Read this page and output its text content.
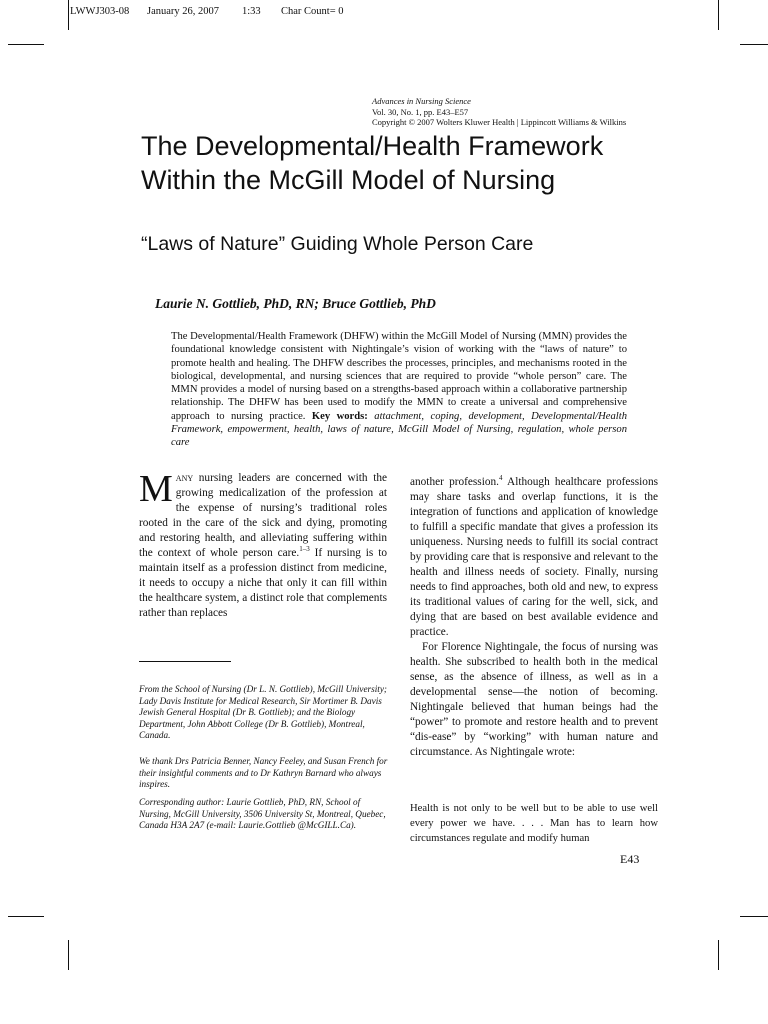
LWWJ303-08 January 26, 2007 1:33 Char Count= 0
Advances in Nursing Science
Vol. 30, No. 1, pp. E43–E57
Copyright © 2007 Wolters Kluwer Health | Lippincott Williams & Wilkins
The Developmental/Health Framework Within the McGill Model of Nursing
“Laws of Nature” Guiding Whole Person Care
Laurie N. Gottlieb, PhD, RN; Bruce Gottlieb, PhD
The Developmental/Health Framework (DHFW) within the McGill Model of Nursing (MMN) provides the foundational knowledge consistent with Nightingale’s vision of working with the “laws of nature” to promote health and healing. The DHFW describes the processes, principles, and mechanisms rooted in the biological, developmental, and nursing sciences that are required to provide “whole person” care. The MMN provides a model of nursing based on a strengths-based approach within a collaborative partnership relationship. The DHFW has been used to modify the MMN to create a universal and comprehensive approach to nursing practice. Key words: attachment, coping, development, Developmental/Health Framework, empowerment, health, laws of nature, McGill Model of Nursing, regulation, whole person care

Many nursing leaders are concerned with the growing medicalization of the profession at the expense of nursing’s traditional roles rooted in the care of the sick and dying, promoting and restoring health, and alleviating suffering within the context of whole person care.$^{1-3}$ If nursing is to maintain itself as a profession distinct from medicine, it needs to occupy a niche that only it can fill within the healthcare system, a distinct role that complements rather than replaces

another profession.$^4$ Although healthcare professions may share tasks and overlap functions, it is the integration of functions and application of knowledge to fulfill a specific mandate that gives a profession its uniqueness. Nursing needs to fulfill its social contract by providing care that is responsive and relevant to the health and illness needs of society. Finally, nursing needs to find approaches, both old and new, to express its traditional values of caring for the well, sick, and dying that are based on best available evidence and practice.

For Florence Nightingale, the focus of nursing was health. She subscribed to health both in the medical sense, as the absence of illness, as well as in a developmental sense—the notion of becoming. Nightingale believed that human beings had the “power” to promote and restore health and to prevent “dis-ease” by “working” with human nature and circumstance. As Nightingale wrote:

Health is not only to be well but to be able to use well every power we have. . . . Man has to learn how circumstances regulate and modify human
From the School of Nursing (Dr L. N. Gottlieb), McGill University; Lady Davis Institute for Medical Research, Sir Mortimer B. Davis Jewish General Hospital (Dr B. Gottlieb); and the Biology Department, John Abbott College (Dr B. Gottlieb), Montreal, Canada.
We thank Drs Patricia Benner, Nancy Feeley, and Susan French for their insightful comments and to Dr Kathryn Barnard who always inspires.
Corresponding author: Laurie Gottlieb, PhD, RN, School of Nursing, McGill University, 3506 University St, Montreal, Quebec, Canada H3A 2A7 (e-mail: Laurie.Gottlieb @McGILL.Ca).
E43
